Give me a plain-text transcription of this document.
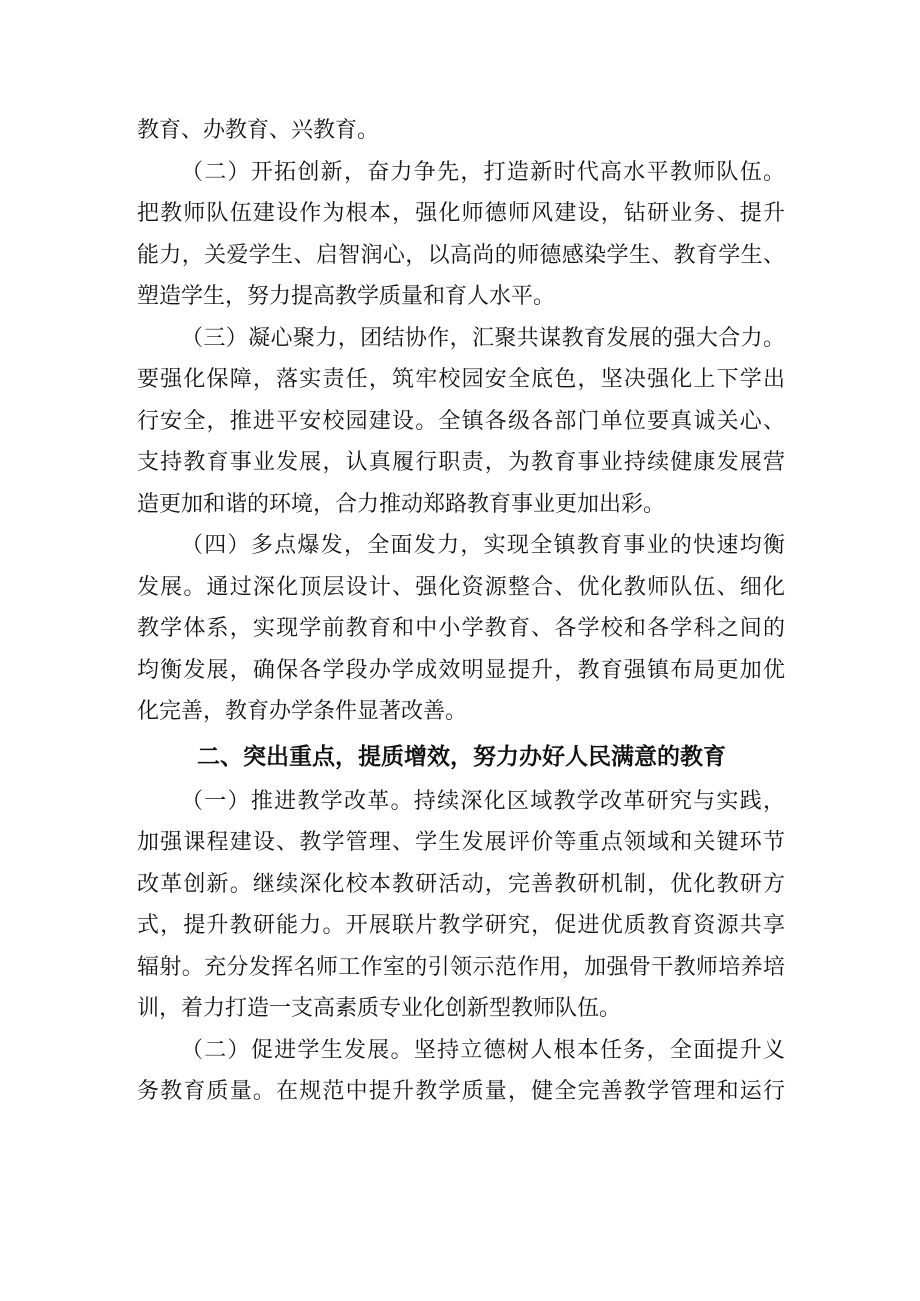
教育、办教育、兴教育。
（二）开拓创新，奋力争先，打造新时代高水平教师队伍。
把教师队伍建设作为根本，强化师德师风建设，钻研业务、提升
能力，关爱学生、启智润心，以高尚的师德感染学生、教育学生、
塑造学生，努力提高教学质量和育人水平。
（三）凝心聚力，团结协作，汇聚共谋教育发展的强大合力。
要强化保障，落实责任，筑牢校园安全底色，坚决强化上下学出
行安全，推进平安校园建设。全镇各级各部门单位要真诚关心、
支持教育事业发展，认真履行职责，为教育事业持续健康发展营
造更加和谐的环境，合力推动郑路教育事业更加出彩。
（四）多点爆发，全面发力，实现全镇教育事业的快速均衡
发展。通过深化顶层设计、强化资源整合、优化教师队伍、细化
教学体系，实现学前教育和中小学教育、各学校和各学科之间的
均衡发展，确保各学段办学成效明显提升，教育强镇布局更加优
化完善，教育办学条件显著改善。
二、突出重点，提质增效，努力办好人民满意的教育
（一）推进教学改革。持续深化区域教学改革研究与实践，
加强课程建设、教学管理、学生发展评价等重点领域和关键环节
改革创新。继续深化校本教研活动，完善教研机制，优化教研方
式，提升教研能力。开展联片教学研究，促进优质教育资源共享
辐射。充分发挥名师工作室的引领示范作用，加强骨干教师培养培
训，着力打造一支高素质专业化创新型教师队伍。
（二）促进学生发展。坚持立德树人根本任务，全面提升义
务教育质量。在规范中提升教学质量，健全完善教学管理和运行
